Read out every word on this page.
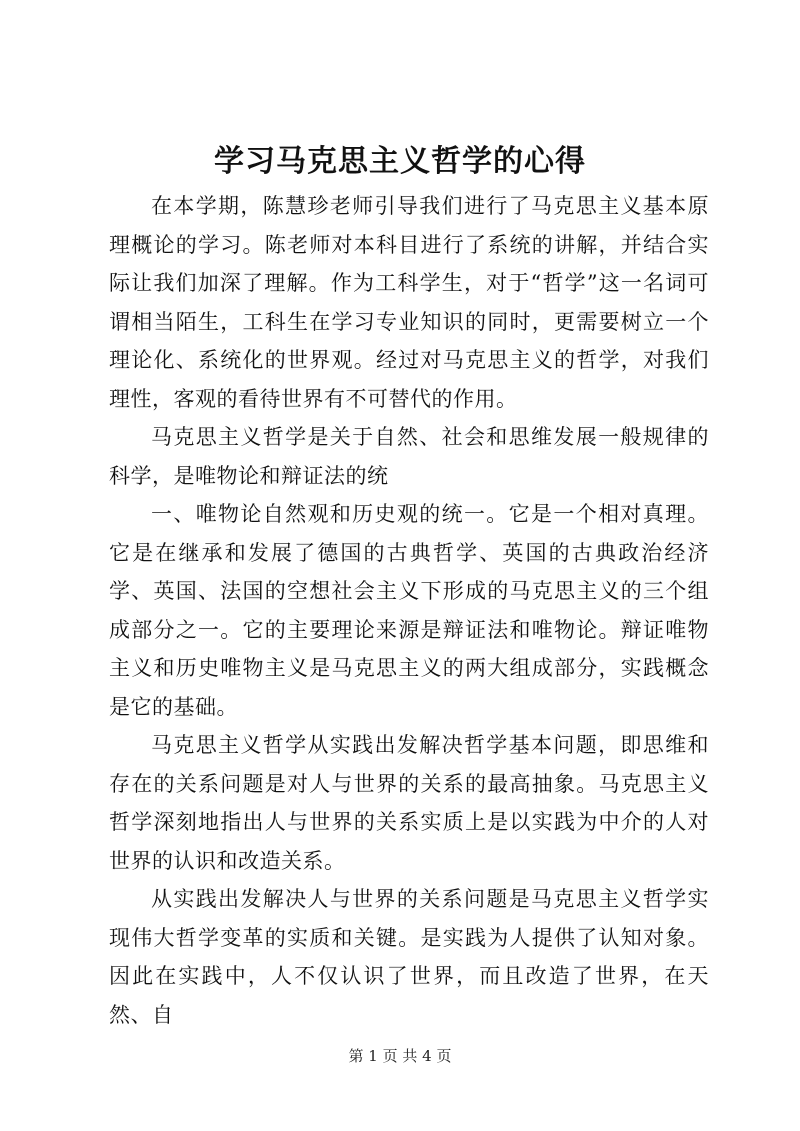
学习马克思主义哲学的心得

在本学期，陈慧珍老师引导我们进行了马克思主义基本原理概论的学习。陈老师对本科目进行了系统的讲解，并结合实际让我们加深了理解。作为工科学生，对于“哲学”这一名词可谓相当陌生，工科生在学习专业知识的同时，更需要树立一个理论化、系统化的世界观。经过对马克思主义的哲学，对我们理性，客观的看待世界有不可替代的作用。

马克思主义哲学是关于自然、社会和思维发展一般规律的科学，是唯物论和辩证法的统

一、唯物论自然观和历史观的统一。它是一个相对真理。它是在继承和发展了德国的古典哲学、英国的古典政治经济学、英国、法国的空想社会主义下形成的马克思主义的三个组成部分之一。它的主要理论来源是辩证法和唯物论。辩证唯物主义和历史唯物主义是马克思主义的两大组成部分，实践概念是它的基础。

马克思主义哲学从实践出发解决哲学基本问题，即思维和存在的关系问题是对人与世界的关系的最高抽象。马克思主义哲学深刻地指出人与世界的关系实质上是以实践为中介的人对世界的认识和改造关系。

从实践出发解决人与世界的关系问题是马克思主义哲学实现伟大哲学变革的实质和关键。是实践为人提供了认知对象。因此在实践中，人不仅认识了世界，而且改造了世界，在天然、自

第 1 页 共 4 页
